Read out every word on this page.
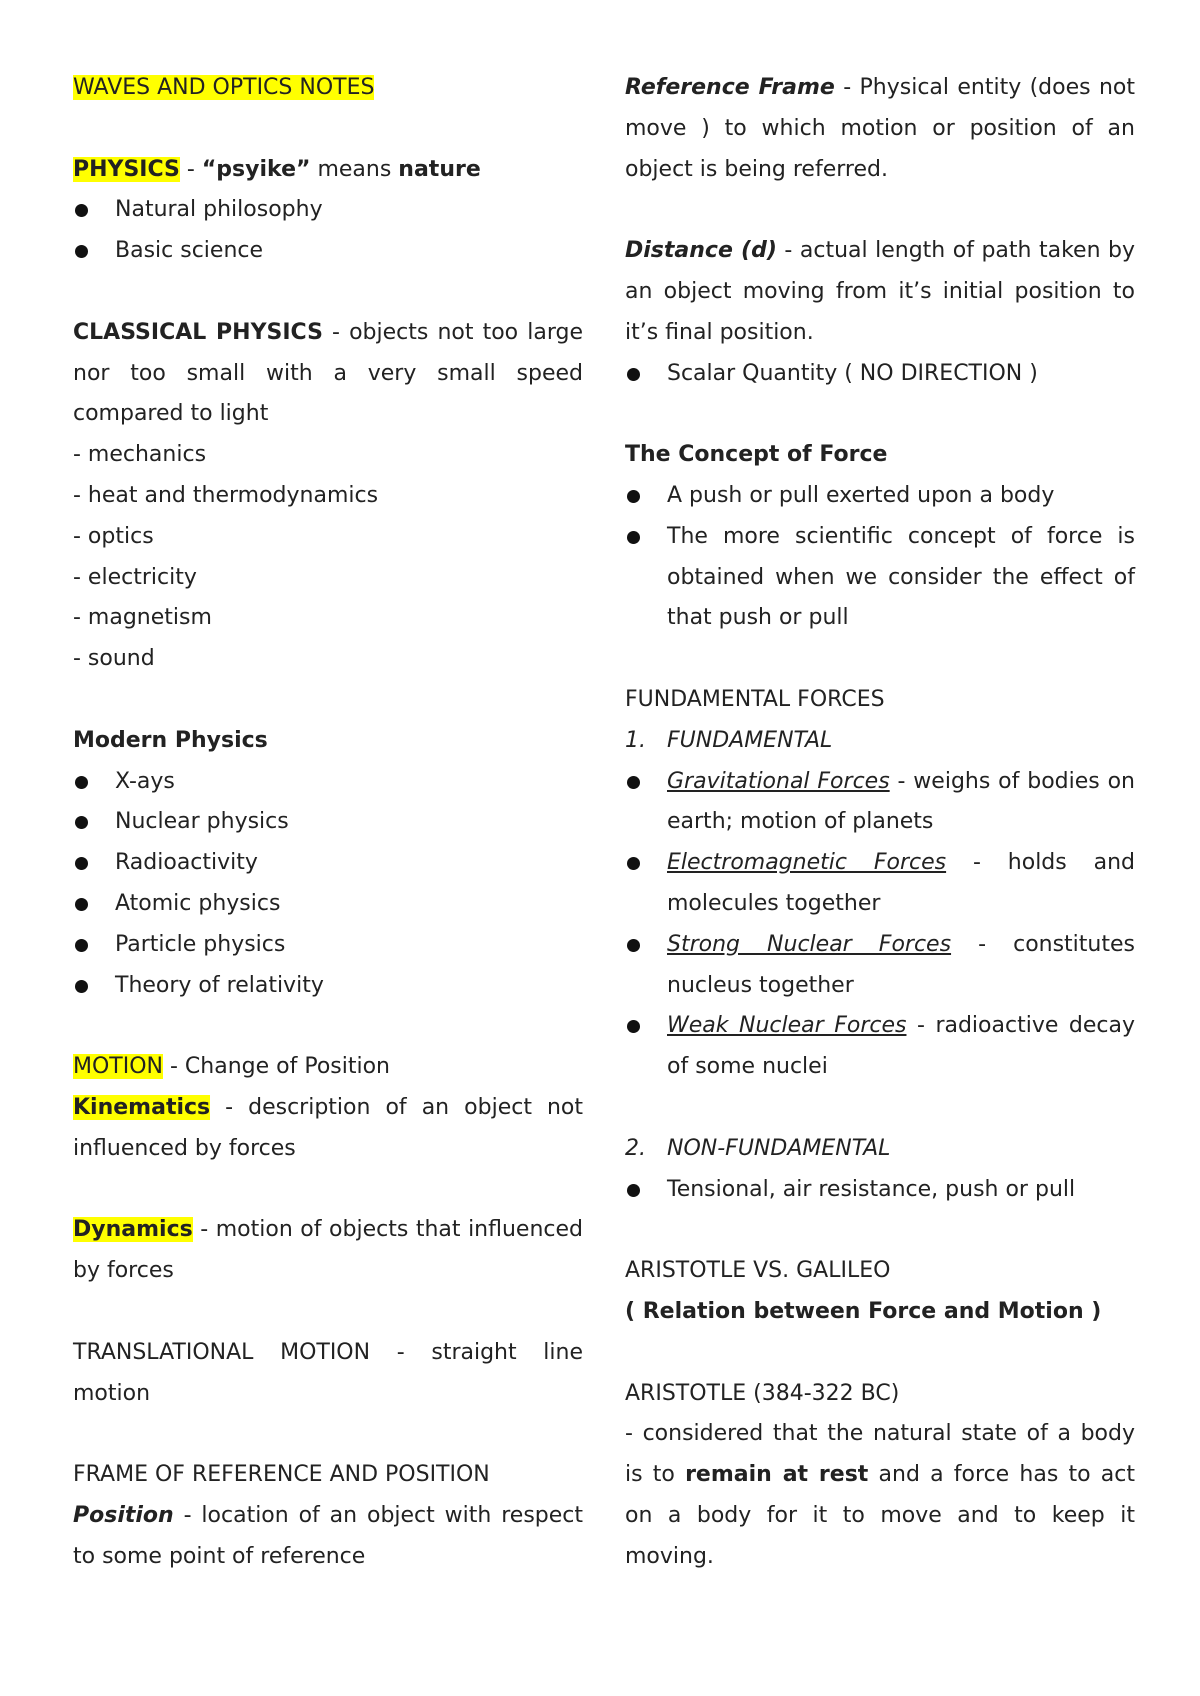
WAVES AND OPTICS NOTES

PHYSICS - “psyike” means nature

Natural philosophy
Basic science

CLASSICAL PHYSICS - objects not too large nor too small with a very small speed compared to light

- mechanics

- heat and thermodynamics

- optics

- electricity

- magnetism

- sound

Modern Physics

X-ays
Nuclear physics
Radioactivity
Atomic physics
Particle physics
Theory of relativity

MOTION - Change of Position

Kinematics - description of an object not influenced by forces

Dynamics - motion of objects that influenced by forces

TRANSLATIONAL MOTION - straight line motion

FRAME OF REFERENCE AND POSITION

Position - location of an object with respect to some point of reference

Reference Frame - Physical entity (does not move ) to which motion or position of an object is being referred.

Distance (d) - actual length of path taken by an object moving from it’s initial position to it’s final position.

Scalar Quantity ( NO DIRECTION )

The Concept of Force

A push or pull exerted upon a body
The more scientific concept of force is obtained when we consider the effect of that push or pull

FUNDAMENTAL FORCES

1. FUNDAMENTAL

Gravitational Forces - weighs of bodies on earth; motion of planets
Electromagnetic Forces - holds and molecules together
Strong Nuclear Forces - constitutes nucleus together
Weak Nuclear Forces - radioactive decay of some nuclei

2. NON-FUNDAMENTAL

Tensional, air resistance, push or pull

ARISTOTLE VS. GALILEO

( Relation between Force and Motion )

ARISTOTLE (384-322 BC)

- considered that the natural state of a body is to remain at rest and a force has to act on a body for it to move and to keep it moving.
